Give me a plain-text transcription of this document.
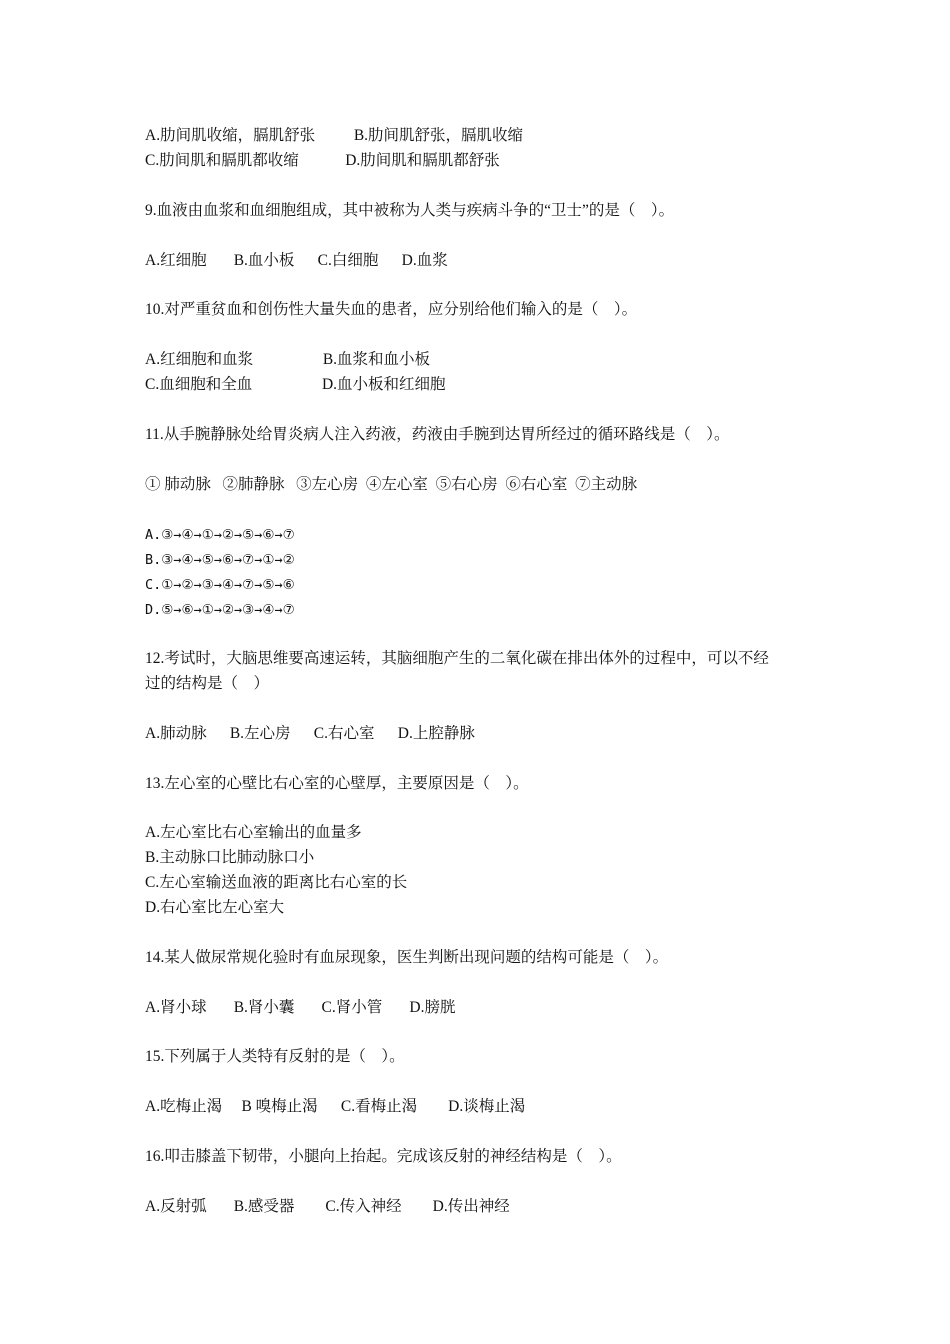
A.肋间肌收缩，膈肌舒张          B.肋间肌舒张，膈肌收缩
C.肋间肌和膈肌都收缩            D.肋间肌和膈肌都舒张
9.血液由血浆和血细胞组成，其中被称为人类与疾病斗争的“卫士”的是（    ）。
A.红细胞       B.血小板      C.白细胞      D.血浆
10.对严重贫血和创伤性大量失血的患者，应分别给他们输入的是（    ）。
A.红细胞和血浆                  B.血浆和血小板
C.血细胞和全血                  D.血小板和红细胞
11.从手腕静脉处给胃炎病人注入药液，药液由手腕到达胃所经过的循环路线是（    ）。
① 肺动脉   ②肺静脉   ③左心房  ④左心室  ⑤右心房  ⑥右心室  ⑦主动脉
A.③→④→①→②→⑤→⑥→⑦
B.③→④→⑤→⑥→⑦→①→②
C.①→②→③→④→⑦→⑤→⑥
D.⑤→⑥→①→②→③→④→⑦
12.考试时，大脑思维要高速运转，其脑细胞产生的二氧化碳在排出体外的过程中，可以不经
过的结构是（    ）
A.肺动脉      B.左心房      C.右心室      D.上腔静脉
13.左心室的心壁比右心室的心壁厚，主要原因是（    ）。
A.左心室比右心室输出的血量多
B.主动脉口比肺动脉口小
C.左心室输送血液的距离比右心室的长
D.右心室比左心室大
14.某人做尿常规化验时有血尿现象，医生判断出现问题的结构可能是（    ）。
A.肾小球       B.肾小囊       C.肾小管       D.膀胱
15.下列属于人类特有反射的是（    ）。
A.吃梅止渴     B 嗅梅止渴      C.看梅止渴        D.谈梅止渴
16.叩击膝盖下韧带，小腿向上抬起。完成该反射的神经结构是（    ）。
A.反射弧       B.感受器        C.传入神经        D.传出神经
